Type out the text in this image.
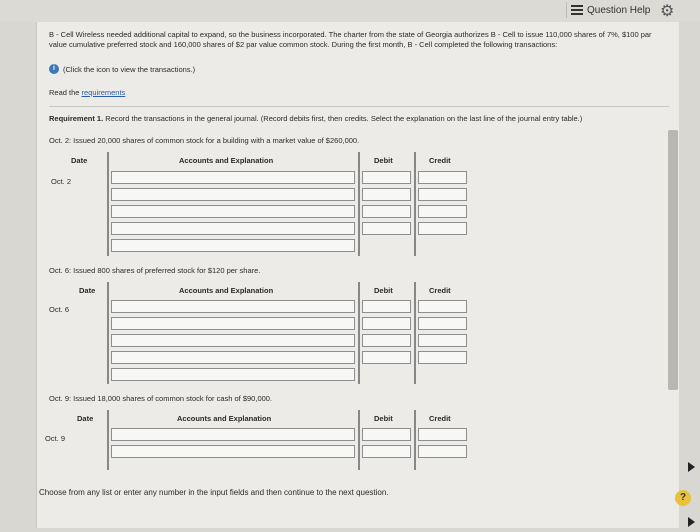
Question Help ⚙
B - Cell Wireless needed additional capital to expand, so the business incorporated. The charter from the state of Georgia authorizes B - Cell to issue 110,000 shares of 7%, $100 par value cumulative preferred stock and 160,000 shares of $2 par value common stock. During the first month, B - Cell completed the following transactions:
i	(Click the icon to view the transactions.)
Read the requirements
Requirement 1. Record the transactions in the general journal. (Record debits first, then credits. Select the explanation on the last line of the journal entry table.)
Oct. 2: Issued 20,000 shares of common stock for a building with a market value of $260,000.
Date	Accounts and Explanation	Debit	Credit
Oct. 2
Oct. 6: Issued 800 shares of preferred stock for $120 per share.
Date	Accounts and Explanation	Debit	Credit
Oct. 6
Oct. 9: Issued 18,000 shares of common stock for cash of $90,000.
Date	Accounts and Explanation	Debit	Credit
Oct. 9
Choose from any list or enter any number in the input fields and then continue to the next question.	?
